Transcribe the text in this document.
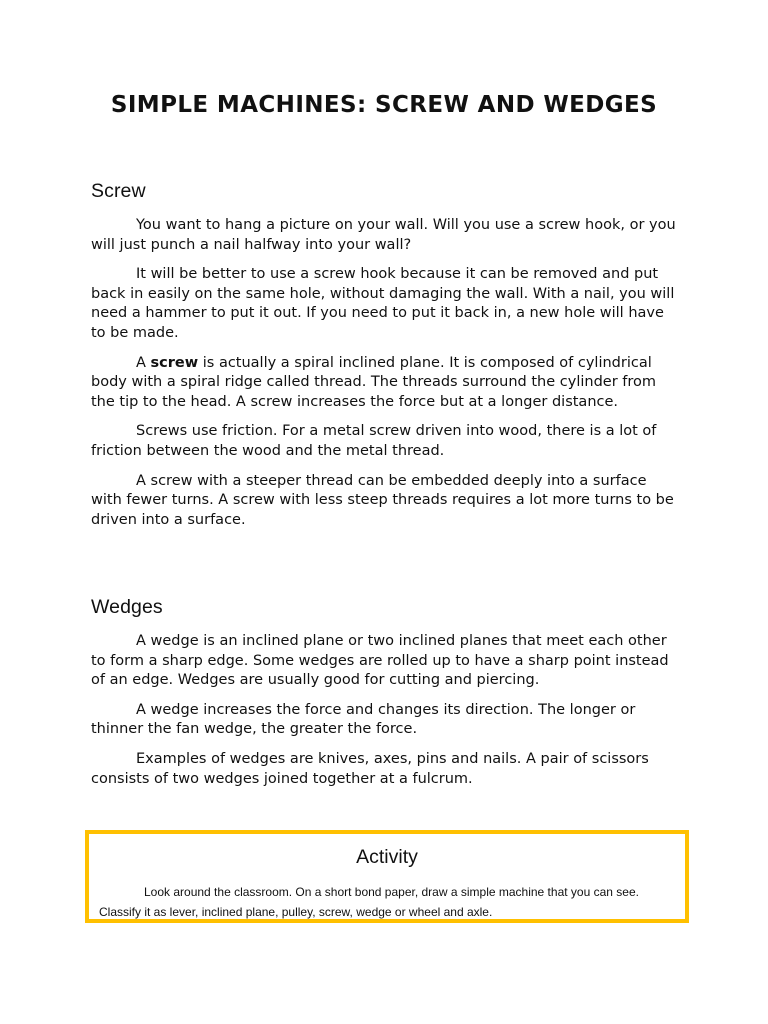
SIMPLE MACHINES: SCREW AND WEDGES
Screw

You want to hang a picture on your wall. Will you use a screw hook, or you will just punch a nail halfway into your wall?

It will be better to use a screw hook because it can be removed and put back in easily on the same hole, without damaging the wall. With a nail, you will need a hammer to put it out. If you need to put it back in, a new hole will have to be made.

A screw is actually a spiral inclined plane. It is composed of cylindrical body with a spiral ridge called thread. The threads surround the cylinder from the tip to the head. A screw increases the force but at a longer distance.

Screws use friction. For a metal screw driven into wood, there is a lot of friction between the wood and the metal thread.

A screw with a steeper thread can be embedded deeply into a surface with fewer turns. A screw with less steep threads requires a lot more turns to be driven into a surface.

Wedges

A wedge is an inclined plane or two inclined planes that meet each other to form a sharp edge. Some wedges are rolled up to have a sharp point instead of an edge. Wedges are usually good for cutting and piercing.

A wedge increases the force and changes its direction. The longer or thinner the fan wedge, the greater the force.

Examples of wedges are knives, axes, pins and nails. A pair of scissors consists of two wedges joined together at a fulcrum.

Activity

Look around the classroom. On a short bond paper, draw a simple machine that you can see. Classify it as lever, inclined plane, pulley, screw, wedge or wheel and axle.
